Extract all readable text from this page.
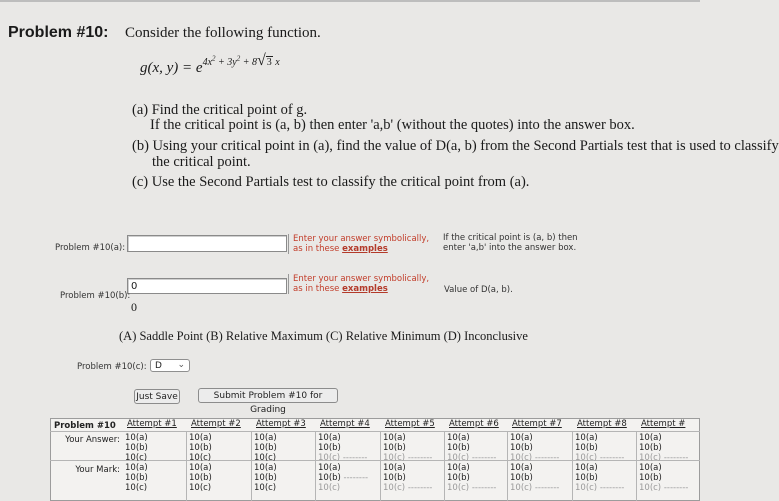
Problem #10: Consider the following function.
g(x, $y) = e^{4x^2 + 3y^2 + 8√3 x}$
(a) Find the critical point of g.
If the critical point is (a, b) then enter 'a,b' (without the quotes) into the answer box.
(b) Using your critical point in (a), find the value of D(a, b) from the Second Partials test that is used to classify
the critical point.
(c) Use the Second Partials test to classify the critical point from (a).
Problem #10(a):
Enter your answer symbolically,
as in these examples
If the critical point is (a, b) then
enter 'a,b' into the answer box.
0
Problem #10(b):
0
Enter your answer symbolically,
as in these examples	Value of D(a, b).
(A) Saddle Point (B) Relative Maximum (C) Relative Minimum (D) Inconclusive
Problem #10(c): D ⌄
Just Save	Submit Problem #10 for Grading
Problem #10 Attempt #1 Attempt #2 Attempt #3 Attempt #4 Attempt #5 Attempt #6 Attempt #7 Attempt #8 Attempt #
Your Answer:
Your Mark:
10(a)
10(b)
10(c)
10(a)
10(b)
10(c)
10(a)
10(b)
10(c)
10(a)
10(b)
10(c) --------
10(a)
10(b)
10(c) --------
10(a)
10(b)
10(c) --------
10(a)
10(b)
10(c) --------
10(a)
10(b)
10(c) --------
10(a)
10(b)
10(c) --------
10(a)
10(b)
10(c)
10(a)
10(b)
10(c)
10(a)
10(b)
10(c)
10(a)
10(b) --------
10(c)
10(a)
10(b)
10(c) --------
10(a)
10(b)
10(c) --------
10(a)
10(b)
10(c) --------
10(a)
10(b)
10(c) --------
10(a)
10(b)
10(c) --------
